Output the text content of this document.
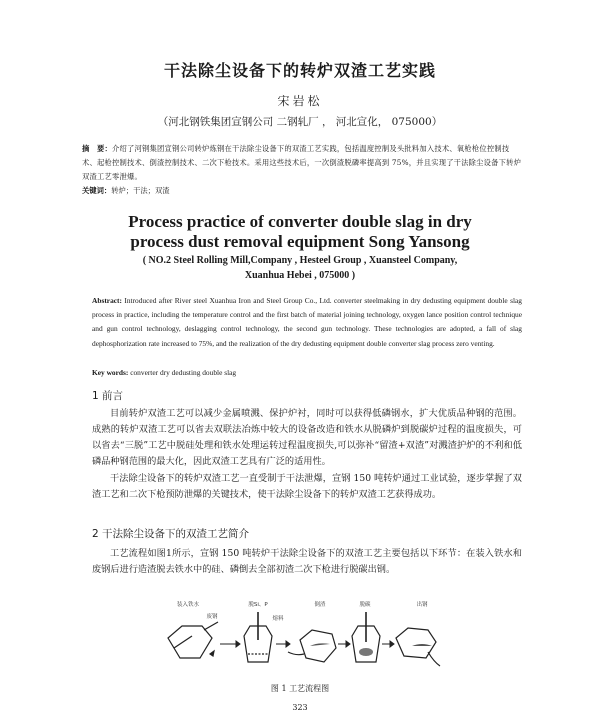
干法除尘设备下的转炉双渣工艺实践
宋岩松
（河北钢铁集团宣钢公司 二钢轧厂 ， 河北宣化， 075000）
摘　要：介绍了河钢集团宣钢公司转炉炼钢在干法除尘设备下的双渣工艺实践，包括温度控制及头批料加入技术、氧枪枪位控制技术、起枪控制技术、倒渣控制技术、二次下枪技术。采用这些技术后，一次倒渣脱磷率提高到 75%，并且实现了干法除尘设备下转炉双渣工艺零泄爆。
关键词：转炉；干法；双渣
Process practice of converter double slag in dry
process dust removal equipment Song Yansong
( NO.2 Steel Rolling Mill,Company , Hesteel Group , Xuansteel Company,
Xuanhua Hebei , 075000 )
Abstract: Introduced after River steel Xuanhua Iron and Steel Group Co., Ltd. converter steelmaking in dry dedusting equipment double slag process in practice, including the temperature control and the first batch of material joining technology, oxygen lance position control technique and gun control technology, deslagging control technology, the second gun technology. These technologies are adopted, a fall of slag dephosphorization rate increased to 75%, and the realization of the dry dedusting equipment double converter slag process zero venting.
Key words: converter dry dedusting double slag
1 前言
目前转炉双渣工艺可以减少金属喷溅、保护炉衬，同时可以获得低磷钢水，扩大优质品种钢的范围。成熟的转炉双渣工艺可以省去双联法冶炼中较大的设备改造和铁水从脱磷炉到脱碳炉过程的温度损失，可以省去“三脱”工艺中脱硅处理和铁水处理运转过程温度损失,可以弥补“留渣+双渣”对溅渣护炉的不利和低磷品种钢范围的最大化，因此双渣工艺具有广泛的适用性。
干法除尘设备下的转炉双渣工艺一直受制于干法泄爆，宣钢 150 吨转炉通过工业试验，逐步掌握了双渣工艺和二次下枪预防泄爆的关键技术，使干法除尘设备下的转炉双渣工艺获得成功。
2 干法除尘设备下的双渣工艺简介
工艺流程如图1所示，宣钢 150 吨转炉干法除尘设备下的双渣工艺主要包括以下环节：在装入铁水和废钢后进行造渣脱去铁水中的硅、磷倒去全部初渣二次下枪进行脱碳出钢。
装入铁水	脱Si、P	倒渣	脱碳	出钢
废钢	熔料
图 1 工艺流程图
323
